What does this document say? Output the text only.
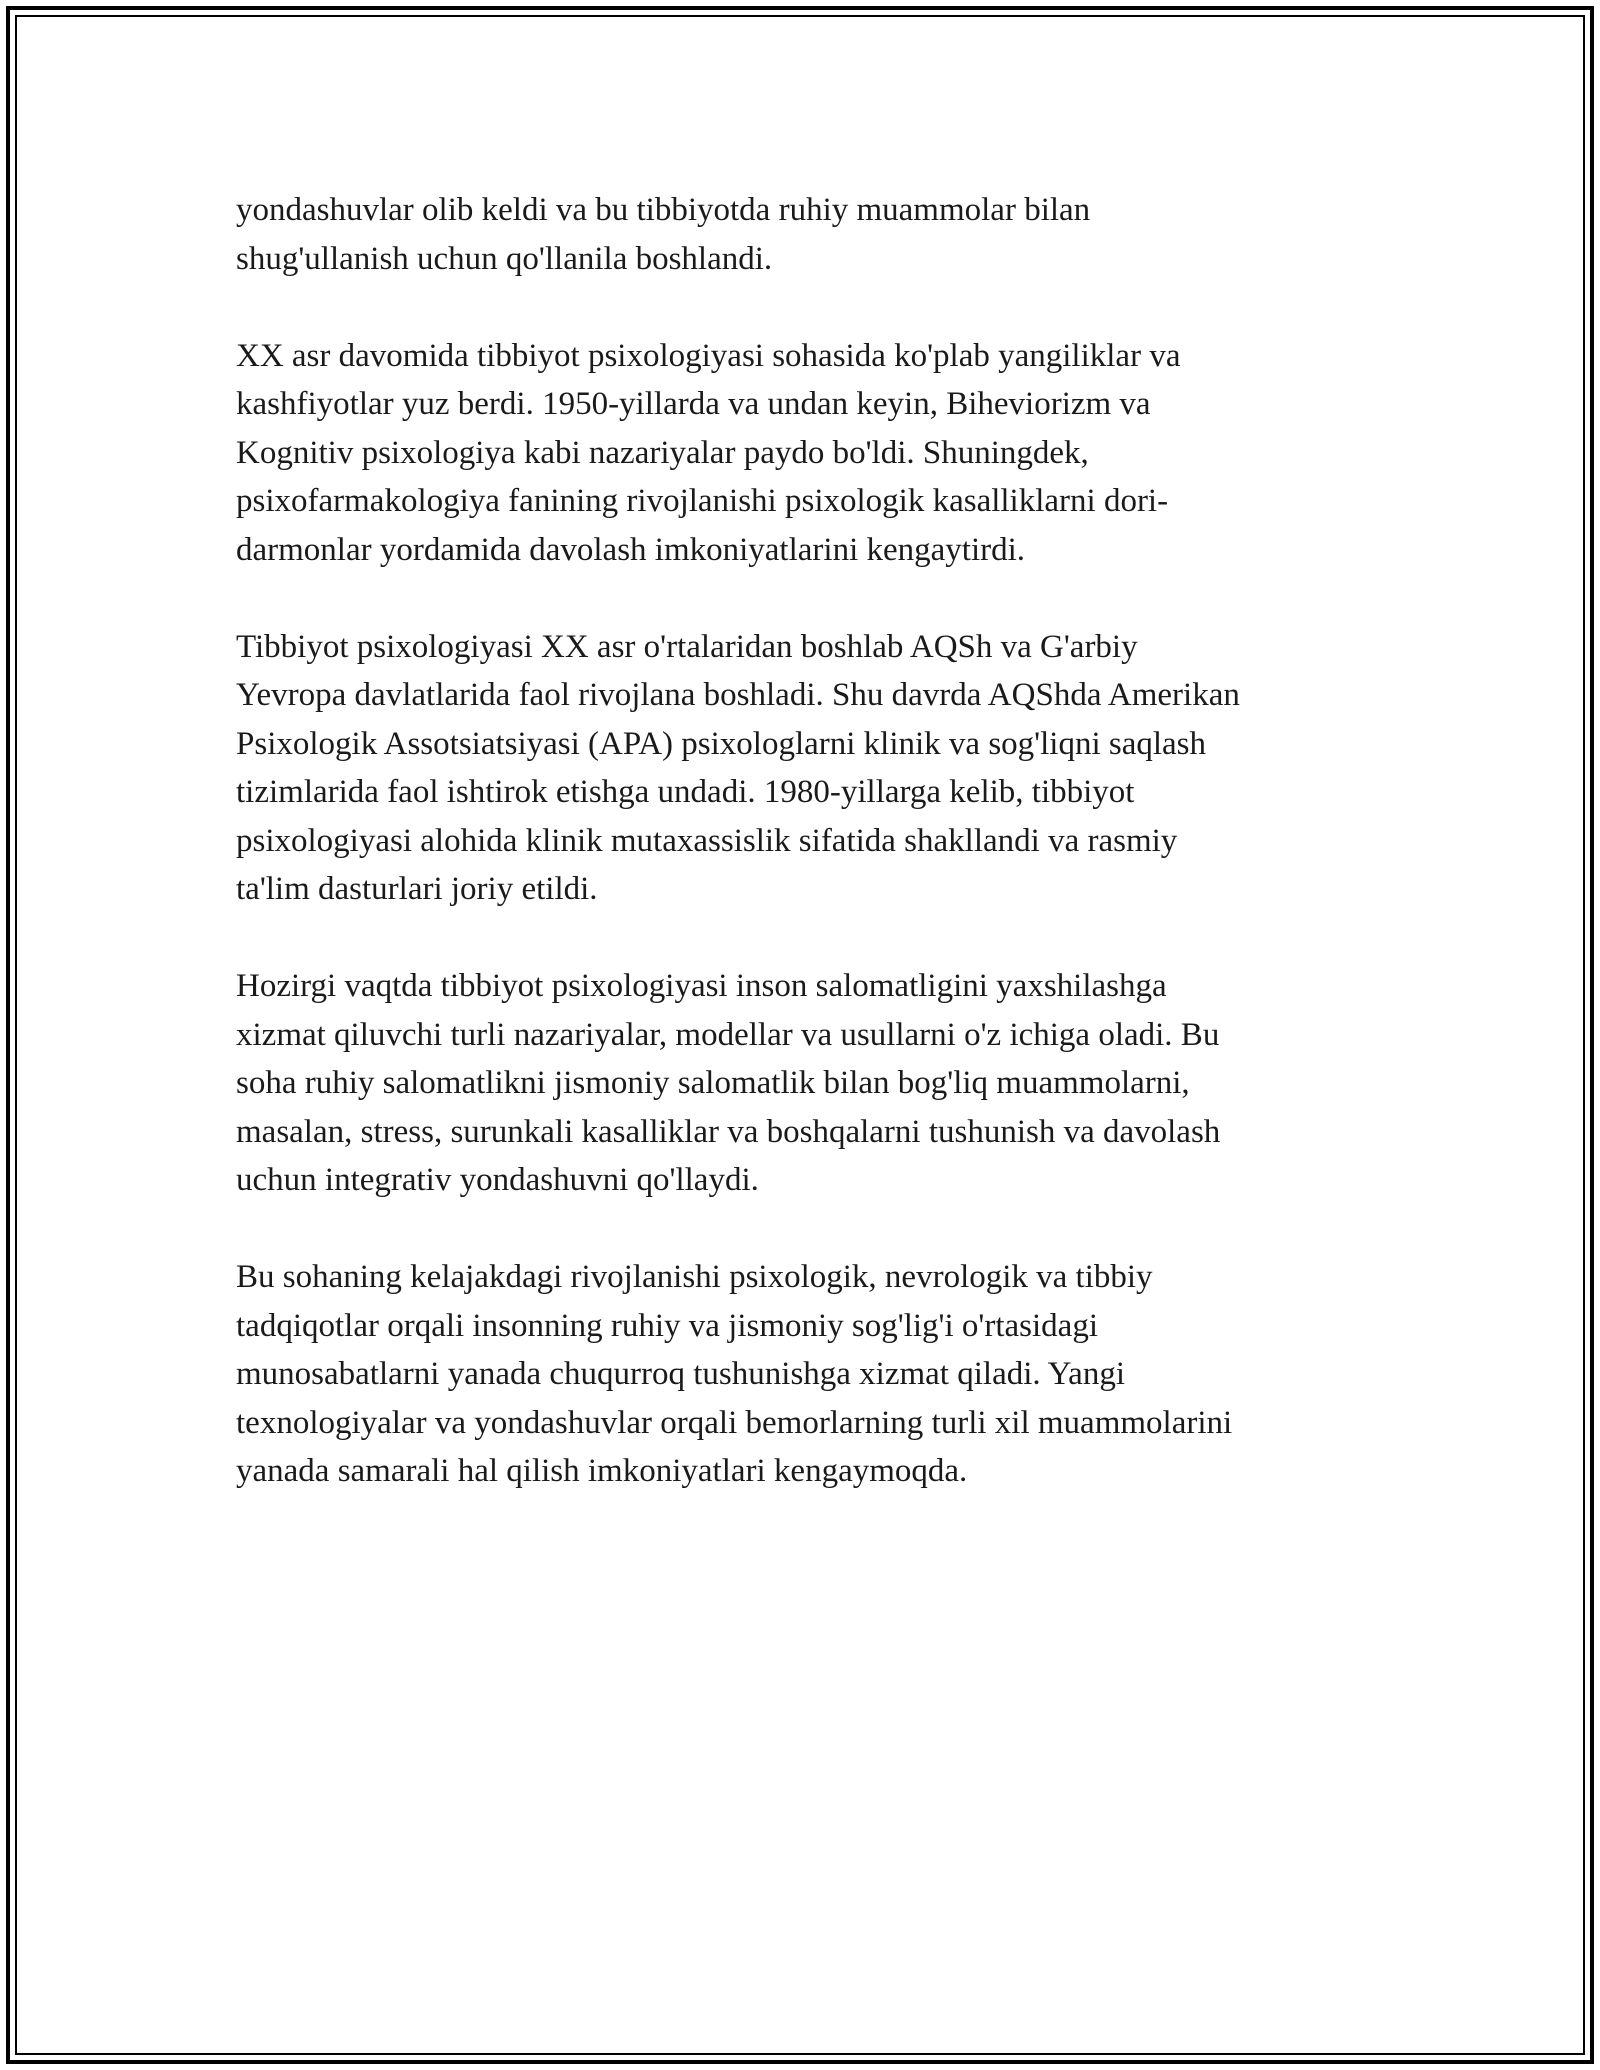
yondashuvlar olib keldi va bu tibbiyotda ruhiy muammolar bilan
shug'ullanish uchun qo'llanila boshlandi.

XX asr davomida tibbiyot psixologiyasi sohasida ko'plab yangiliklar va
kashfiyotlar yuz berdi. 1950-yillarda va undan keyin, Biheviorizm va
Kognitiv psixologiya kabi nazariyalar paydo bo'ldi. Shuningdek,
psixofarmakologiya fanining rivojlanishi psixologik kasalliklarni dori-
darmonlar yordamida davolash imkoniyatlarini kengaytirdi.

Tibbiyot psixologiyasi XX asr o'rtalaridan boshlab AQSh va G'arbiy
Yevropa davlatlarida faol rivojlana boshladi. Shu davrda AQShda Amerikan
Psixologik Assotsiatsiyasi (APA) psixologlarni klinik va sog'liqni saqlash
tizimlarida faol ishtirok etishga undadi. 1980-yillarga kelib, tibbiyot
psixologiyasi alohida klinik mutaxassislik sifatida shakllandi va rasmiy
ta'lim dasturlari joriy etildi.

Hozirgi vaqtda tibbiyot psixologiyasi inson salomatligini yaxshilashga
xizmat qiluvchi turli nazariyalar, modellar va usullarni o'z ichiga oladi. Bu
soha ruhiy salomatlikni jismoniy salomatlik bilan bog'liq muammolarni,
masalan, stress, surunkali kasalliklar va boshqalarni tushunish va davolash
uchun integrativ yondashuvni qo'llaydi.

Bu sohaning kelajakdagi rivojlanishi psixologik, nevrologik va tibbiy
tadqiqotlar orqali insonning ruhiy va jismoniy sog'lig'i o'rtasidagi
munosabatlarni yanada chuqurroq tushunishga xizmat qiladi. Yangi
texnologiyalar va yondashuvlar orqali bemorlarning turli xil muammolarini
yanada samarali hal qilish imkoniyatlari kengaymoqda.
